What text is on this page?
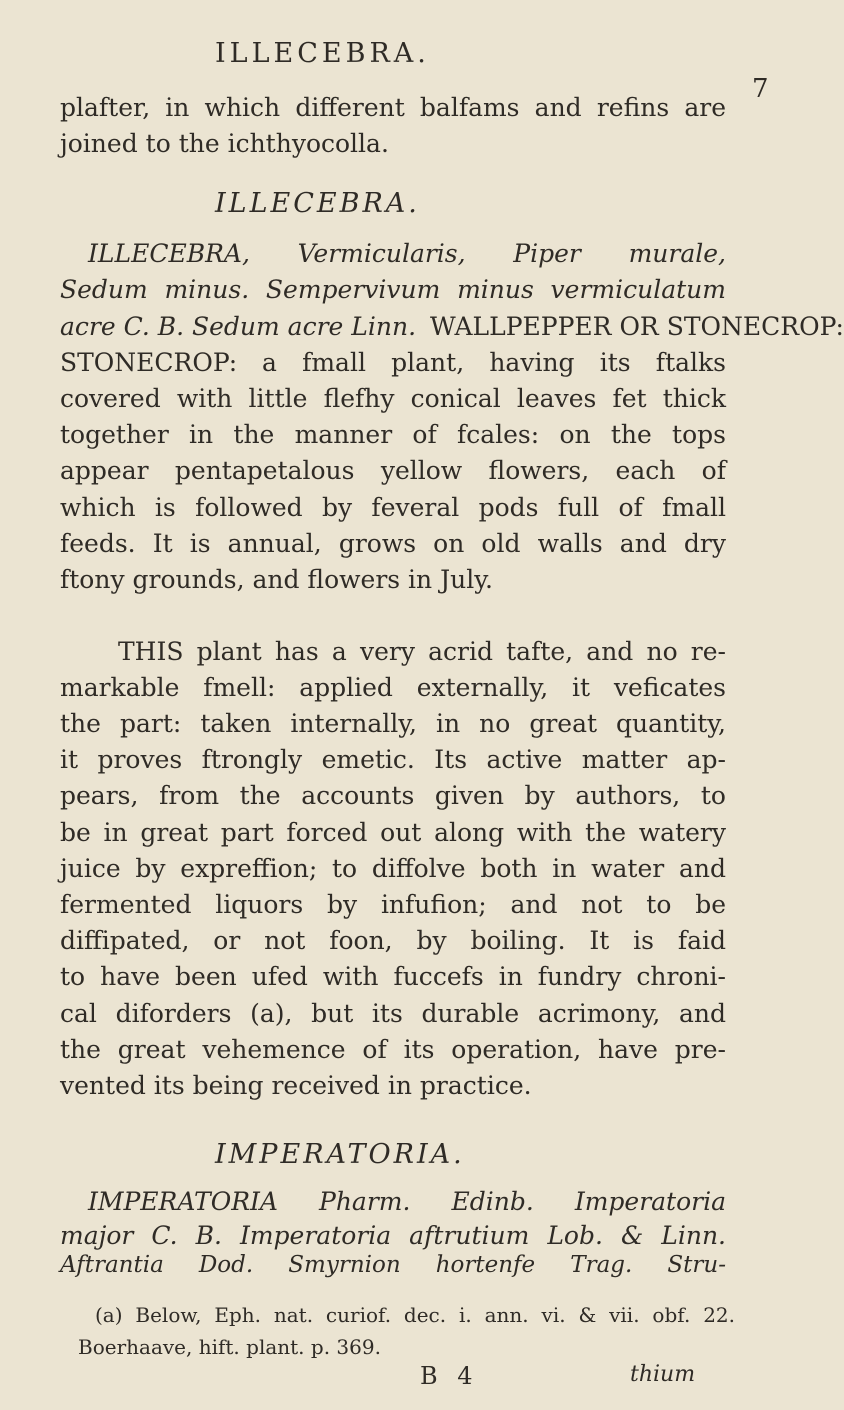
ILLECEBRA.

7

plafter, in which different balfams and refins are

joined to the ichthyocolla.

ILLECEBRA.

ILLECEBRA, Vermicularis, Piper murale,

Sedum minus. Sempervivum minus vermiculatum

acre C. B. Sedum acre Linn. WALLPEPPER OR STONECROP:

STONECROP: a fmall plant, having its ftalks

covered with little flefhy conical leaves fet thick

together in the manner of fcales: on the tops

appear pentapetalous yellow flowers, each of

which is followed by feveral pods full of fmall

feeds. It is annual, grows on old walls and dry

ftony grounds, and flowers in July.

THIS plant has a very acrid tafte, and no re-

markable fmell: applied externally, it veficates

the part: taken internally, in no great quantity,

it proves ftrongly emetic. Its active matter ap-

pears, from the accounts given by authors, to

be in great part forced out along with the watery

juice by expreffion; to diffolve both in water and

fermented liquors by infufion; and not to be

diffipated, or not foon, by boiling. It is faid

to have been ufed with fuccefs in fundry chroni-

cal diforders (a), but its durable acrimony, and

the great vehemence of its operation, have pre-

vented its being received in practice.

IMPERATORIA.

IMPERATORIA Pharm. Edinb. Imperatoria

major C. B. Imperatoria aftrutium Lob. & Linn.

Aftrantia Dod. Smyrnion hortenfe Trag. Stru-

(a) Below, Eph. nat. curiof. dec. i. ann. vi. & vii. obf. 22.

Boerhaave, hift. plant. p. 369.

B 4	thium
